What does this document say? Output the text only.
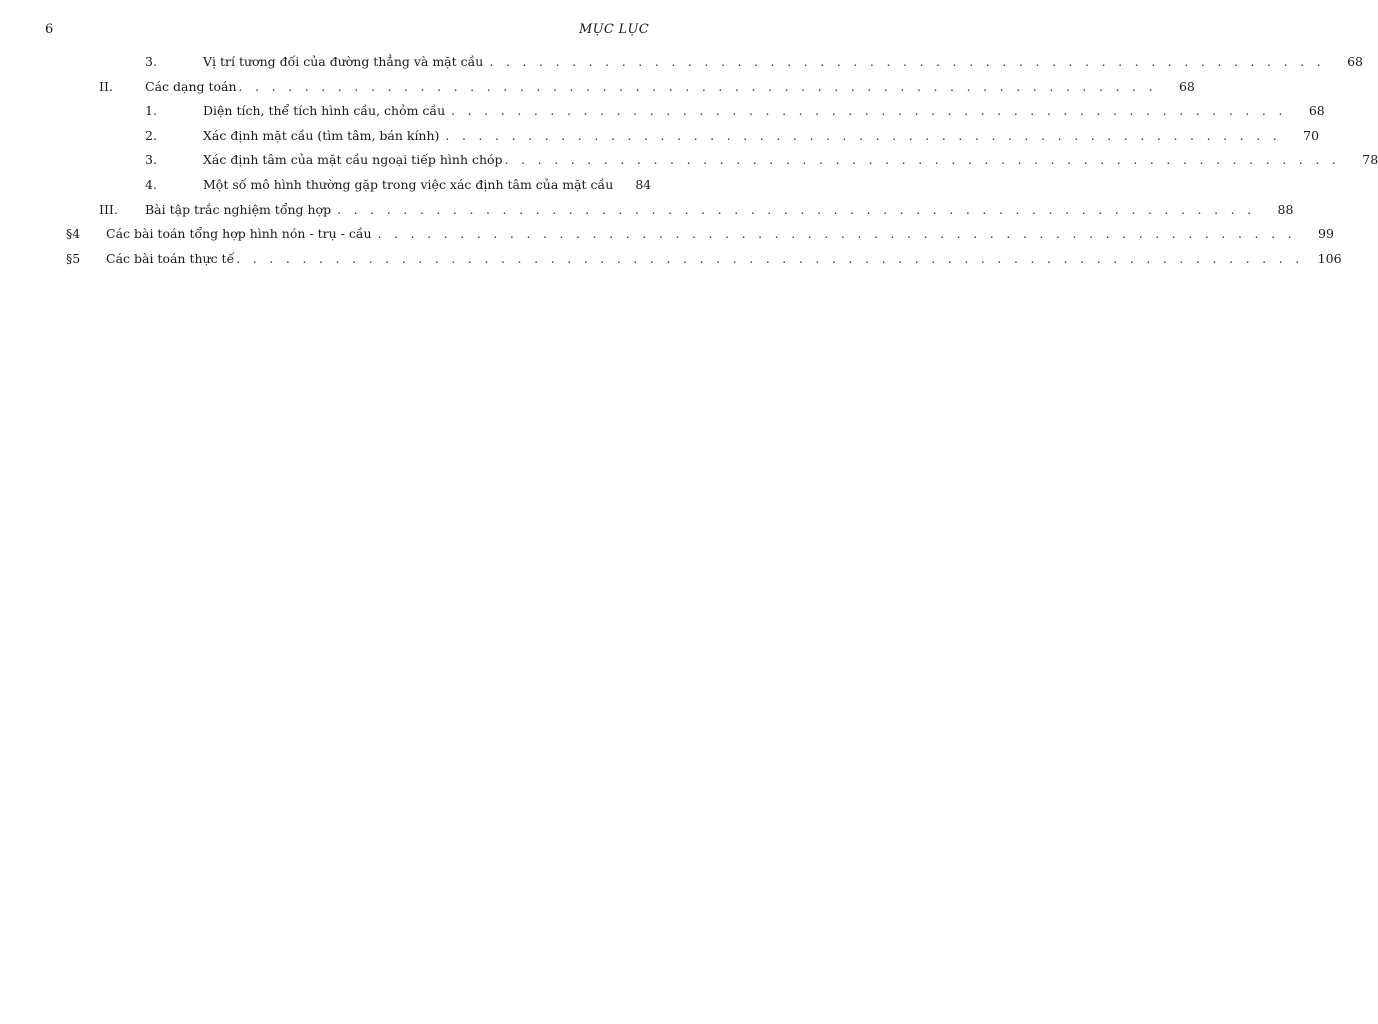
6	MỤC LỤC
3.	Vị trí tương đối của đường thẳng và mặt cầu . . . . . . . . . . . . . . . . . . . . . . . . . . . . . . . . . . . . . . . . . . . . . . . . . . .	68
II.	Các dạng toán . . . . . . . . . . . . . . . . . . . . . . . . . . . . . . . . . . . . . . . . . . . . . . . . . . . . . . . .	68
1.	Diện tích, thể tích hình cầu, chỏm cầu . . . . . . . . . . . . . . . . . . . . . . . . . . . . . . . . . . . . . . . . . . . . . . . . . . .	68
2.	Xác định mặt cầu (tìm tâm, bán kính) . . . . . . . . . . . . . . . . . . . . . . . . . . . . . . . . . . . . . . . . . . . . . . . . . . .	70
3.	Xác định tâm của mặt cầu ngoại tiếp hình chóp . . . . . . . . . . . . . . . . . . . . . . . . . . . . . . . . . . . . . . . . . . . . . . . . . . .	78
4.	Một số mô hình thường gặp trong việc xác định tâm của mặt cầu	84
III.	Bài tập trắc nghiệm tổng hợp . . . . . . . . . . . . . . . . . . . . . . . . . . . . . . . . . . . . . . . . . . . . . . . . . . . . . . . .	88
§4	Các bài toán tổng hợp hình nón - trụ - cầu . . . . . . . . . . . . . . . . . . . . . . . . . . . . . . . . . . . . . . . . . . . . . . . . . . . . . . . .	99
§5	Các bài toán thực tế . . . . . . . . . . . . . . . . . . . . . . . . . . . . . . . . . . . . . . . . . . . . . . . . . . . . . . . . . . . . . . . . .	106
